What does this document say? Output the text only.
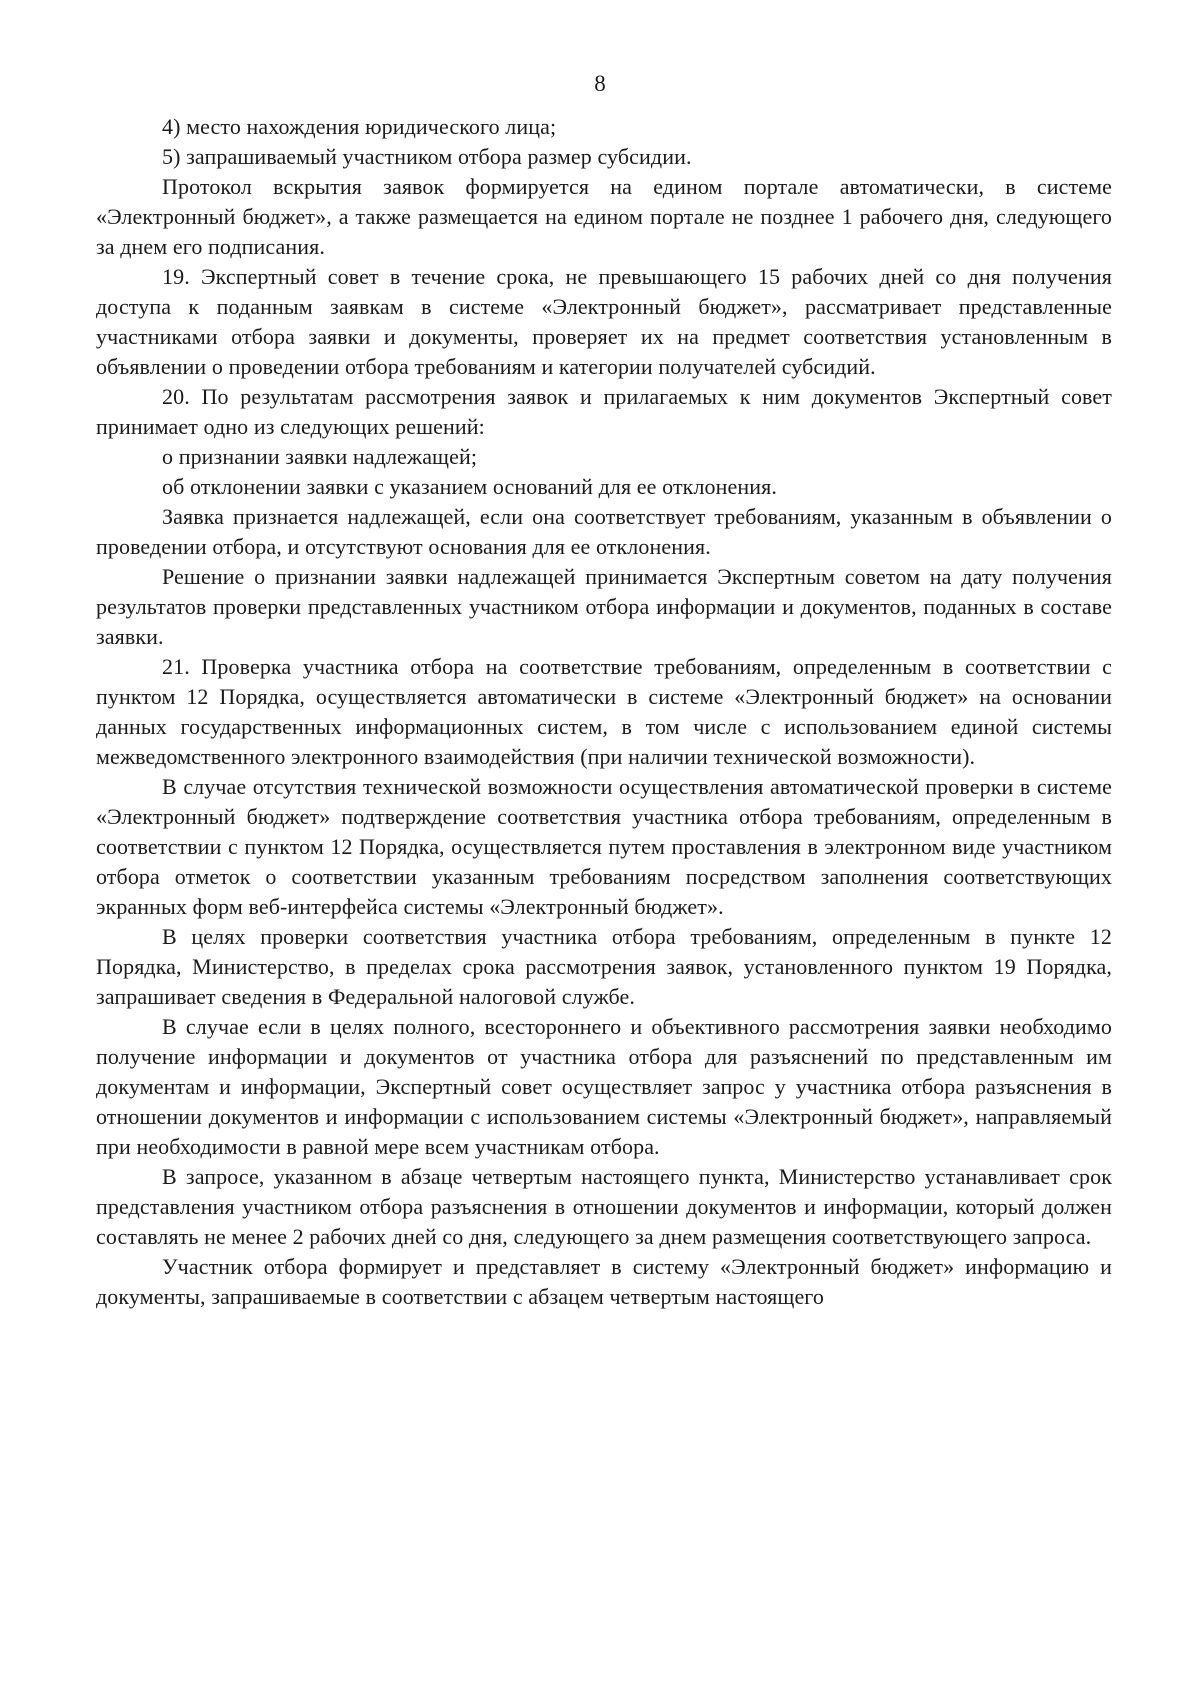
8

4) место нахождения юридического лица;

5) запрашиваемый участником отбора размер субсидии.

Протокол вскрытия заявок формируется на едином портале автоматически, в системе «Электронный бюджет», а также размещается на едином портале не позднее 1 рабочего дня, следующего за днем его подписания.

19. Экспертный совет в течение срока, не превышающего 15 рабочих дней со дня получения доступа к поданным заявкам в системе «Электронный бюджет», рассматривает представленные участниками отбора заявки и документы, проверяет их на предмет соответствия установленным в объявлении о проведении отбора требованиям и категории получателей субсидий.

20. По результатам рассмотрения заявок и прилагаемых к ним документов Экспертный совет принимает одно из следующих решений:

о признании заявки надлежащей;

об отклонении заявки с указанием оснований для ее отклонения.

Заявка признается надлежащей, если она соответствует требованиям, указанным в объявлении о проведении отбора, и отсутствуют основания для ее отклонения.

Решение о признании заявки надлежащей принимается Экспертным советом на дату получения результатов проверки представленных участником отбора информации и документов, поданных в составе заявки.

21. Проверка участника отбора на соответствие требованиям, определенным в соответствии с пунктом 12 Порядка, осуществляется автоматически в системе «Электронный бюджет» на основании данных государственных информационных систем, в том числе с использованием единой системы межведомственного электронного взаимодействия (при наличии технической возможности).

В случае отсутствия технической возможности осуществления автоматической проверки в системе «Электронный бюджет» подтверждение соответствия участника отбора требованиям, определенным в соответствии с пунктом 12 Порядка, осуществляется путем проставления в электронном виде участником отбора отметок о соответствии указанным требованиям посредством заполнения соответствующих экранных форм веб-интерфейса системы «Электронный бюджет».

В целях проверки соответствия участника отбора требованиям, определенным в пункте 12 Порядка, Министерство, в пределах срока рассмотрения заявок, установленного пунктом 19 Порядка, запрашивает сведения в Федеральной налоговой службе.

В случае если в целях полного, всестороннего и объективного рассмотрения заявки необходимо получение информации и документов от участника отбора для разъяснений по представленным им документам и информации, Экспертный совет осуществляет запрос у участника отбора разъяснения в отношении документов и информации с использованием системы «Электронный бюджет», направляемый при необходимости в равной мере всем участникам отбора.

В запросе, указанном в абзаце четвертым настоящего пункта, Министерство устанавливает срок представления участником отбора разъяснения в отношении документов и информации, который должен составлять не менее 2 рабочих дней со дня, следующего за днем размещения соответствующего запроса.

Участник отбора формирует и представляет в систему «Электронный бюджет» информацию и документы, запрашиваемые в соответствии с абзацем четвертым настоящего
